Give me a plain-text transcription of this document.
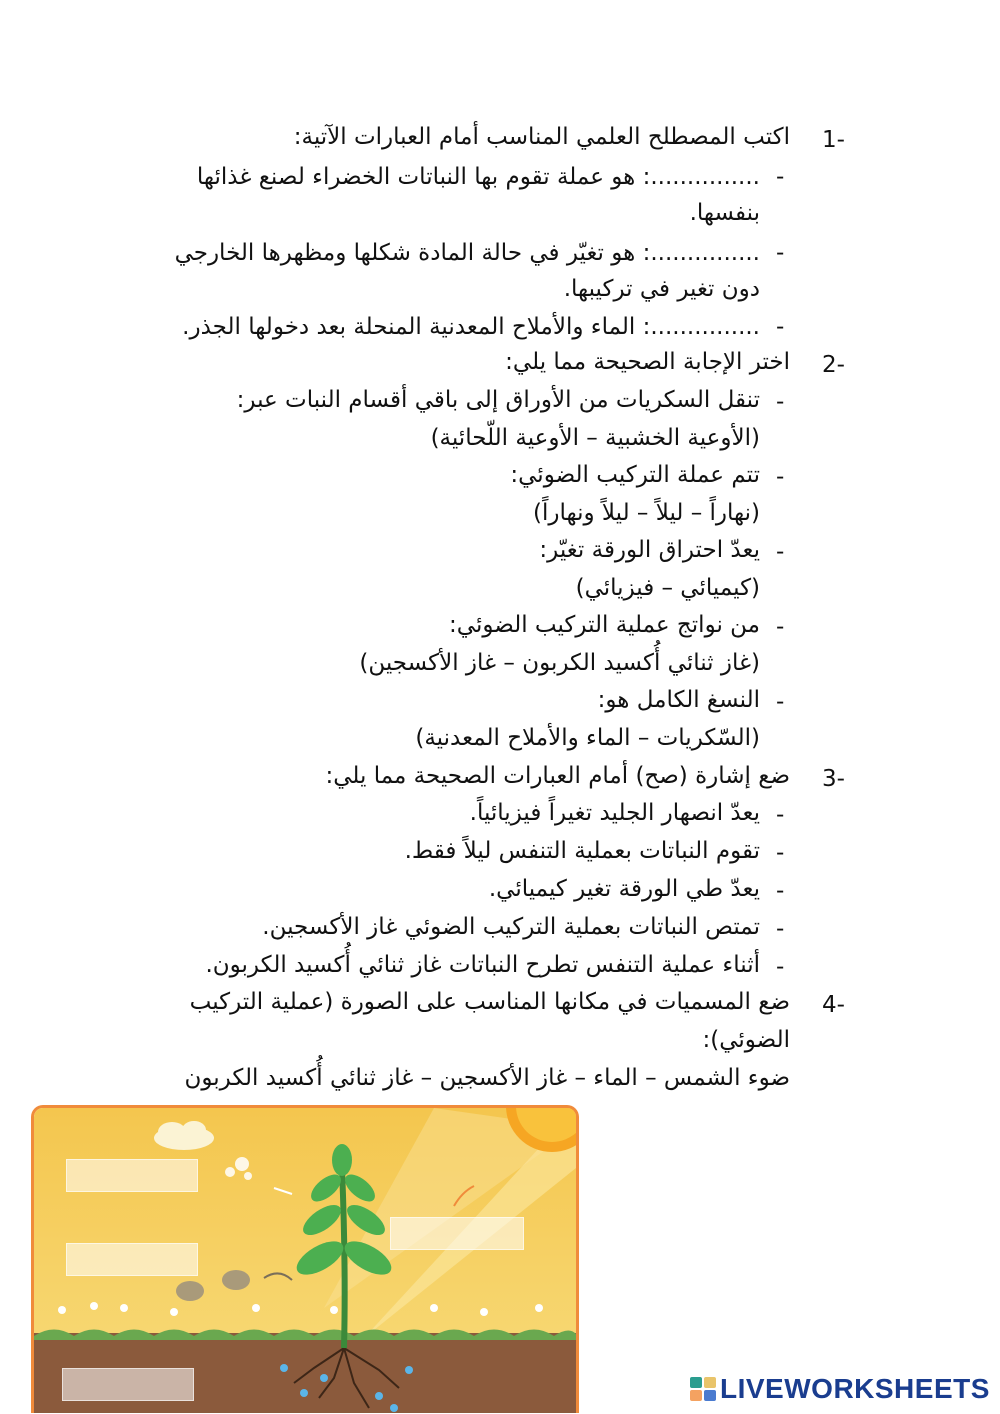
1-
اكتب المصطلح العلمي المناسب أمام العبارات الآتية:
-
...............: هو عملة تقوم بها النباتات الخضراء لصنع غذائها
بنفسها.
-
...............: هو تغيّر في حالة المادة شكلها ومظهرها الخارجي
دون تغير في تركيبها.
-
...............: الماء والأملاح المعدنية المنحلة بعد دخولها الجذر.
2-
اختر الإجابة الصحيحة مما يلي:
-
تنقل السكريات من الأوراق إلى باقي أقسام النبات عبر:
(الأوعية الخشبية – الأوعية اللّحائية)
-
تتم عملة التركيب الضوئي:
(نهاراً – ليلاً – ليلاً ونهاراً)
-
يعدّ احتراق الورقة تغيّر:
(كيميائي – فيزيائي)
-
من نواتج عملية التركيب الضوئي:
(غاز ثنائي أُكسيد الكربون – غاز الأكسجين)
-
النسغ الكامل هو:
(السّكريات – الماء والأملاح المعدنية)
3-
ضع إشارة (صح) أمام العبارات الصحيحة مما يلي:
-
يعدّ انصهار الجليد تغيراً فيزيائياً.
-
تقوم النباتات بعملية التنفس ليلاً فقط.
-
يعدّ طي الورقة تغير كيميائي.
-
تمتص النباتات بعملية التركيب الضوئي غاز الأكسجين.
-
أثناء عملية التنفس تطرح النباتات غاز ثنائي أُكسيد الكربون.
4-
ضع المسميات في مكانها المناسب على الصورة (عملية التركيب
الضوئي):
ضوء الشمس – الماء – غاز الأكسجين – غاز ثنائي أُكسيد الكربون
LIVEWORKSHEETS
